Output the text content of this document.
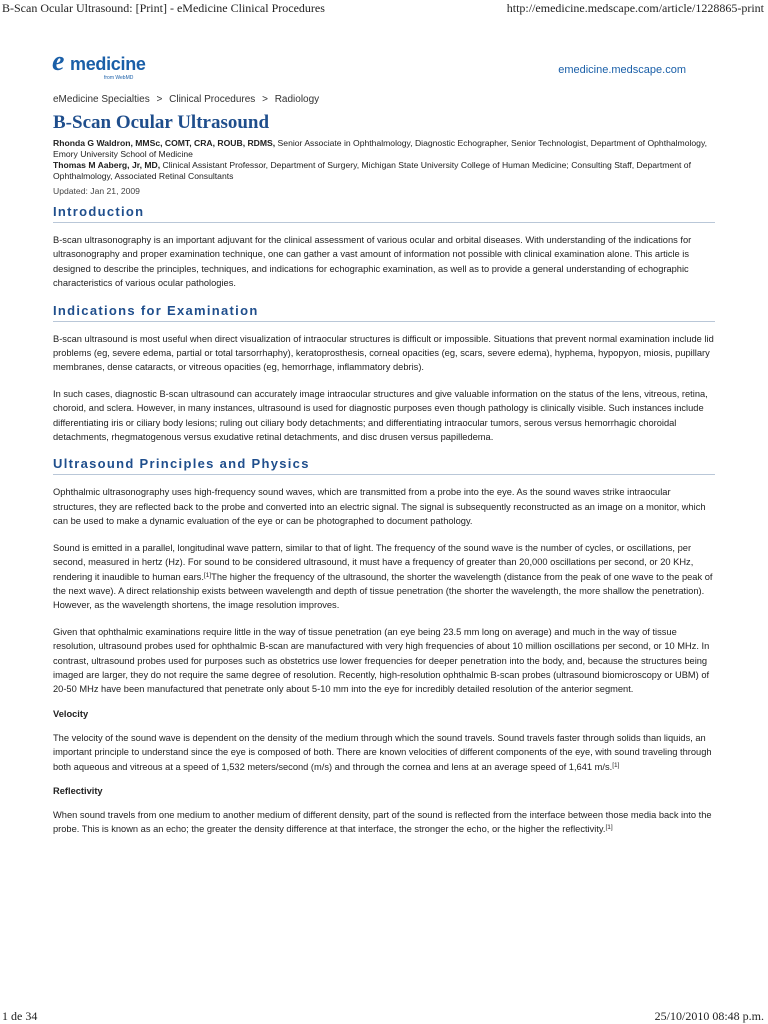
B-Scan Ocular Ultrasound: [Print] - eMedicine Clinical Procedures	http://emedicine.medscape.com/article/1228865-print
e medicine
from WebMD
emedicine.medscape.com
eMedicine Specialties > Clinical Procedures > Radiology
B-Scan Ocular Ultrasound
Rhonda G Waldron, MMSc, COMT, CRA, ROUB, RDMS, Senior Associate in Ophthalmology, Diagnostic Echographer, Senior Technologist, Department of Ophthalmology, Emory University School of Medicine
Thomas M Aaberg, Jr, MD, Clinical Assistant Professor, Department of Surgery, Michigan State University College of Human Medicine; Consulting Staff, Department of Ophthalmology, Associated Retinal Consultants
Updated: Jan 21, 2009
Introduction

B-scan ultrasonography is an important adjuvant for the clinical assessment of various ocular and orbital diseases. With understanding of the indications for ultrasonography and proper examination technique, one can gather a vast amount of information not possible with clinical examination alone. This article is designed to describe the principles, techniques, and indications for echographic examination, as well as to provide a general understanding of echographic characteristics of various ocular pathologies.

Indications for Examination

B-scan ultrasound is most useful when direct visualization of intraocular structures is difficult or impossible. Situations that prevent normal examination include lid problems (eg, severe edema, partial or total tarsorrhaphy), keratoprosthesis, corneal opacities (eg, scars, severe edema), hyphema, hypopyon, miosis, pupillary membranes, dense cataracts, or vitreous opacities (eg, hemorrhage, inflammatory debris).

In such cases, diagnostic B-scan ultrasound can accurately image intraocular structures and give valuable information on the status of the lens, vitreous, retina, choroid, and sclera. However, in many instances, ultrasound is used for diagnostic purposes even though pathology is clinically visible. Such instances include differentiating iris or ciliary body lesions; ruling out ciliary body detachments; and differentiating intraocular tumors, serous versus hemorrhagic choroidal detachments, rhegmatogenous versus exudative retinal detachments, and disc drusen versus papilledema.

Ultrasound Principles and Physics

Ophthalmic ultrasonography uses high-frequency sound waves, which are transmitted from a probe into the eye. As the sound waves strike intraocular structures, they are reflected back to the probe and converted into an electric signal. The signal is subsequently reconstructed as an image on a monitor, which can be used to make a dynamic evaluation of the eye or can be photographed to document pathology.

Sound is emitted in a parallel, longitudinal wave pattern, similar to that of light. The frequency of the sound wave is the number of cycles, or oscillations, per second, measured in hertz (Hz). For sound to be considered ultrasound, it must have a frequency of greater than 20,000 oscillations per second, or 20 KHz, rendering it inaudible to human ears.[1]The higher the frequency of the ultrasound, the shorter the wavelength (distance from the peak of one wave to the peak of the next wave). A direct relationship exists between wavelength and depth of tissue penetration (the shorter the wavelength, the more shallow the penetration). However, as the wavelength shortens, the image resolution improves.

Given that ophthalmic examinations require little in the way of tissue penetration (an eye being 23.5 mm long on average) and much in the way of tissue resolution, ultrasound probes used for ophthalmic B-scan are manufactured with very high frequencies of about 10 million oscillations per second, or 10 MHz. In contrast, ultrasound probes used for purposes such as obstetrics use lower frequencies for deeper penetration into the body, and, because the structures being imaged are larger, they do not require the same degree of resolution. Recently, high-resolution ophthalmic B-scan probes (ultrasound biomicroscopy or UBM) of 20-50 MHz have been manufactured that penetrate only about 5-10 mm into the eye for incredibly detailed resolution of the anterior segment.

Velocity

The velocity of the sound wave is dependent on the density of the medium through which the sound travels. Sound travels faster through solids than liquids, an important principle to understand since the eye is composed of both. There are known velocities of different components of the eye, with sound traveling through both aqueous and vitreous at a speed of 1,532 meters/second (m/s) and through the cornea and lens at an average speed of 1,641 m/s.[1]

Reflectivity

When sound travels from one medium to another medium of different density, part of the sound is reflected from the interface between those media back into the probe. This is known as an echo; the greater the density difference at that interface, the stronger the echo, or the higher the reflectivity.[1]

1 de 34	25/10/2010 08:48 p.m.
